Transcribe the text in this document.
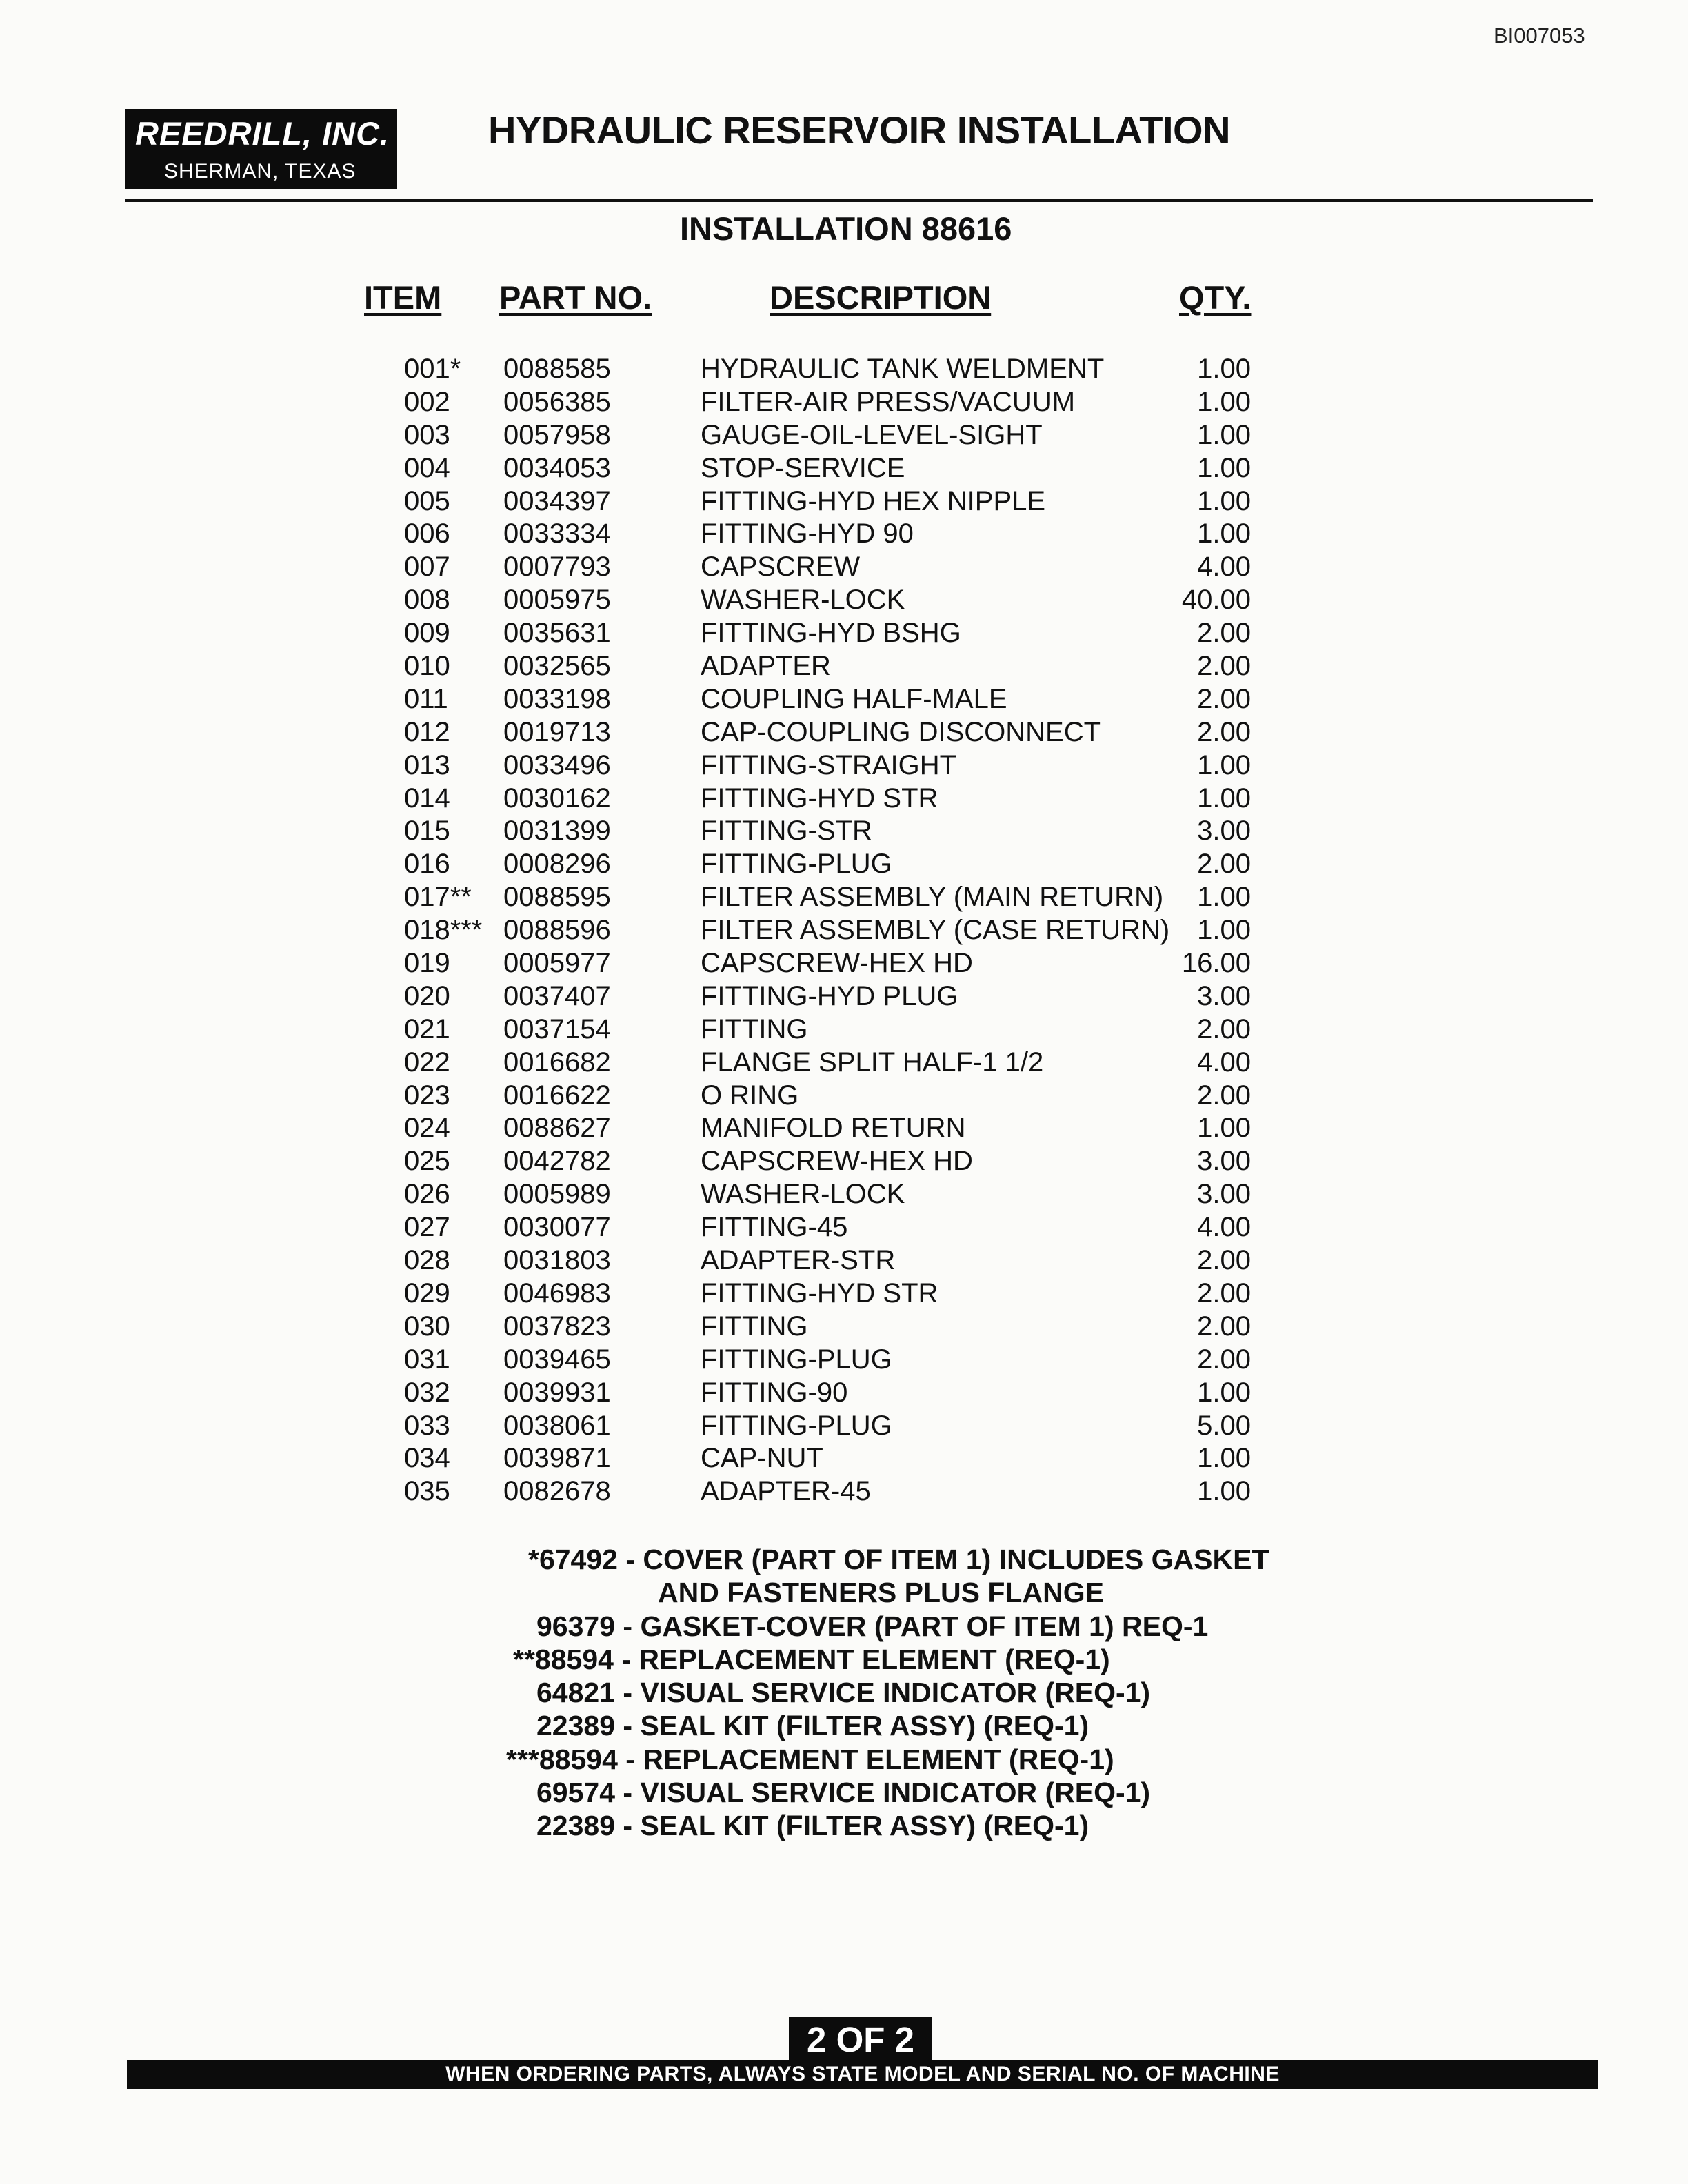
BI007053
REEDRILL, INC.
SHERMAN, TEXAS
HYDRAULIC RESERVOIR INSTALLATION
INSTALLATION 88616
ITEM PART NO.	DESCRIPTION	QTY.
001* 0088585	HYDRAULIC TANK WELDMENT	1.00
002 0056385	FILTER-AIR PRESS/VACUUM	1.00
003 0057958	GAUGE-OIL-LEVEL-SIGHT	1.00
004 0034053	STOP-SERVICE	1.00
005 0034397	FITTING-HYD HEX NIPPLE	1.00
006 0033334	FITTING-HYD 90	1.00
007 0007793	CAPSCREW	4.00
008 0005975	WASHER-LOCK	40.00
009 0035631	FITTING-HYD BSHG	2.00
010 0032565	ADAPTER	2.00
011 0033198	COUPLING HALF-MALE	2.00
012 0019713	CAP-COUPLING DISCONNECT	2.00
013 0033496	FITTING-STRAIGHT	1.00
014 0030162	FITTING-HYD STR	1.00
015 0031399	FITTING-STR	3.00
016 0008296	FITTING-PLUG	2.00
017** 0088595	FILTER ASSEMBLY (MAIN RETURN) 1.00
018*** 0088596	FILTER ASSEMBLY (CASE RETURN) 1.00
019 0005977	CAPSCREW-HEX HD	16.00
020 0037407	FITTING-HYD PLUG	3.00
021 0037154	FITTING	2.00
022 0016682	FLANGE SPLIT HALF-1 1/2	4.00
023 0016622	O RING	2.00
024 0088627	MANIFOLD RETURN	1.00
025 0042782	CAPSCREW-HEX HD	3.00
026 0005989	WASHER-LOCK	3.00
027 0030077	FITTING-45	4.00
028 0031803	ADAPTER-STR	2.00
029 0046983	FITTING-HYD STR	2.00
030 0037823	FITTING	2.00
031 0039465	FITTING-PLUG	2.00
032 0039931	FITTING-90	1.00
033 0038061	FITTING-PLUG	5.00
034 0039871	CAP-NUT	1.00
035 0082678	ADAPTER-45	1.00
*67492 - COVER (PART OF ITEM 1) INCLUDES GASKET
AND FASTENERS PLUS FLANGE
96379 - GASKET-COVER (PART OF ITEM 1) REQ-1
**88594 - REPLACEMENT ELEMENT (REQ-1)
64821 - VISUAL SERVICE INDICATOR (REQ-1)
22389 - SEAL KIT (FILTER ASSY) (REQ-1)
***88594 - REPLACEMENT ELEMENT (REQ-1)
69574 - VISUAL SERVICE INDICATOR (REQ-1)
22389 - SEAL KIT (FILTER ASSY) (REQ-1)
2 OF 2
WHEN ORDERING PARTS, ALWAYS STATE MODEL AND SERIAL NO. OF MACHINE
